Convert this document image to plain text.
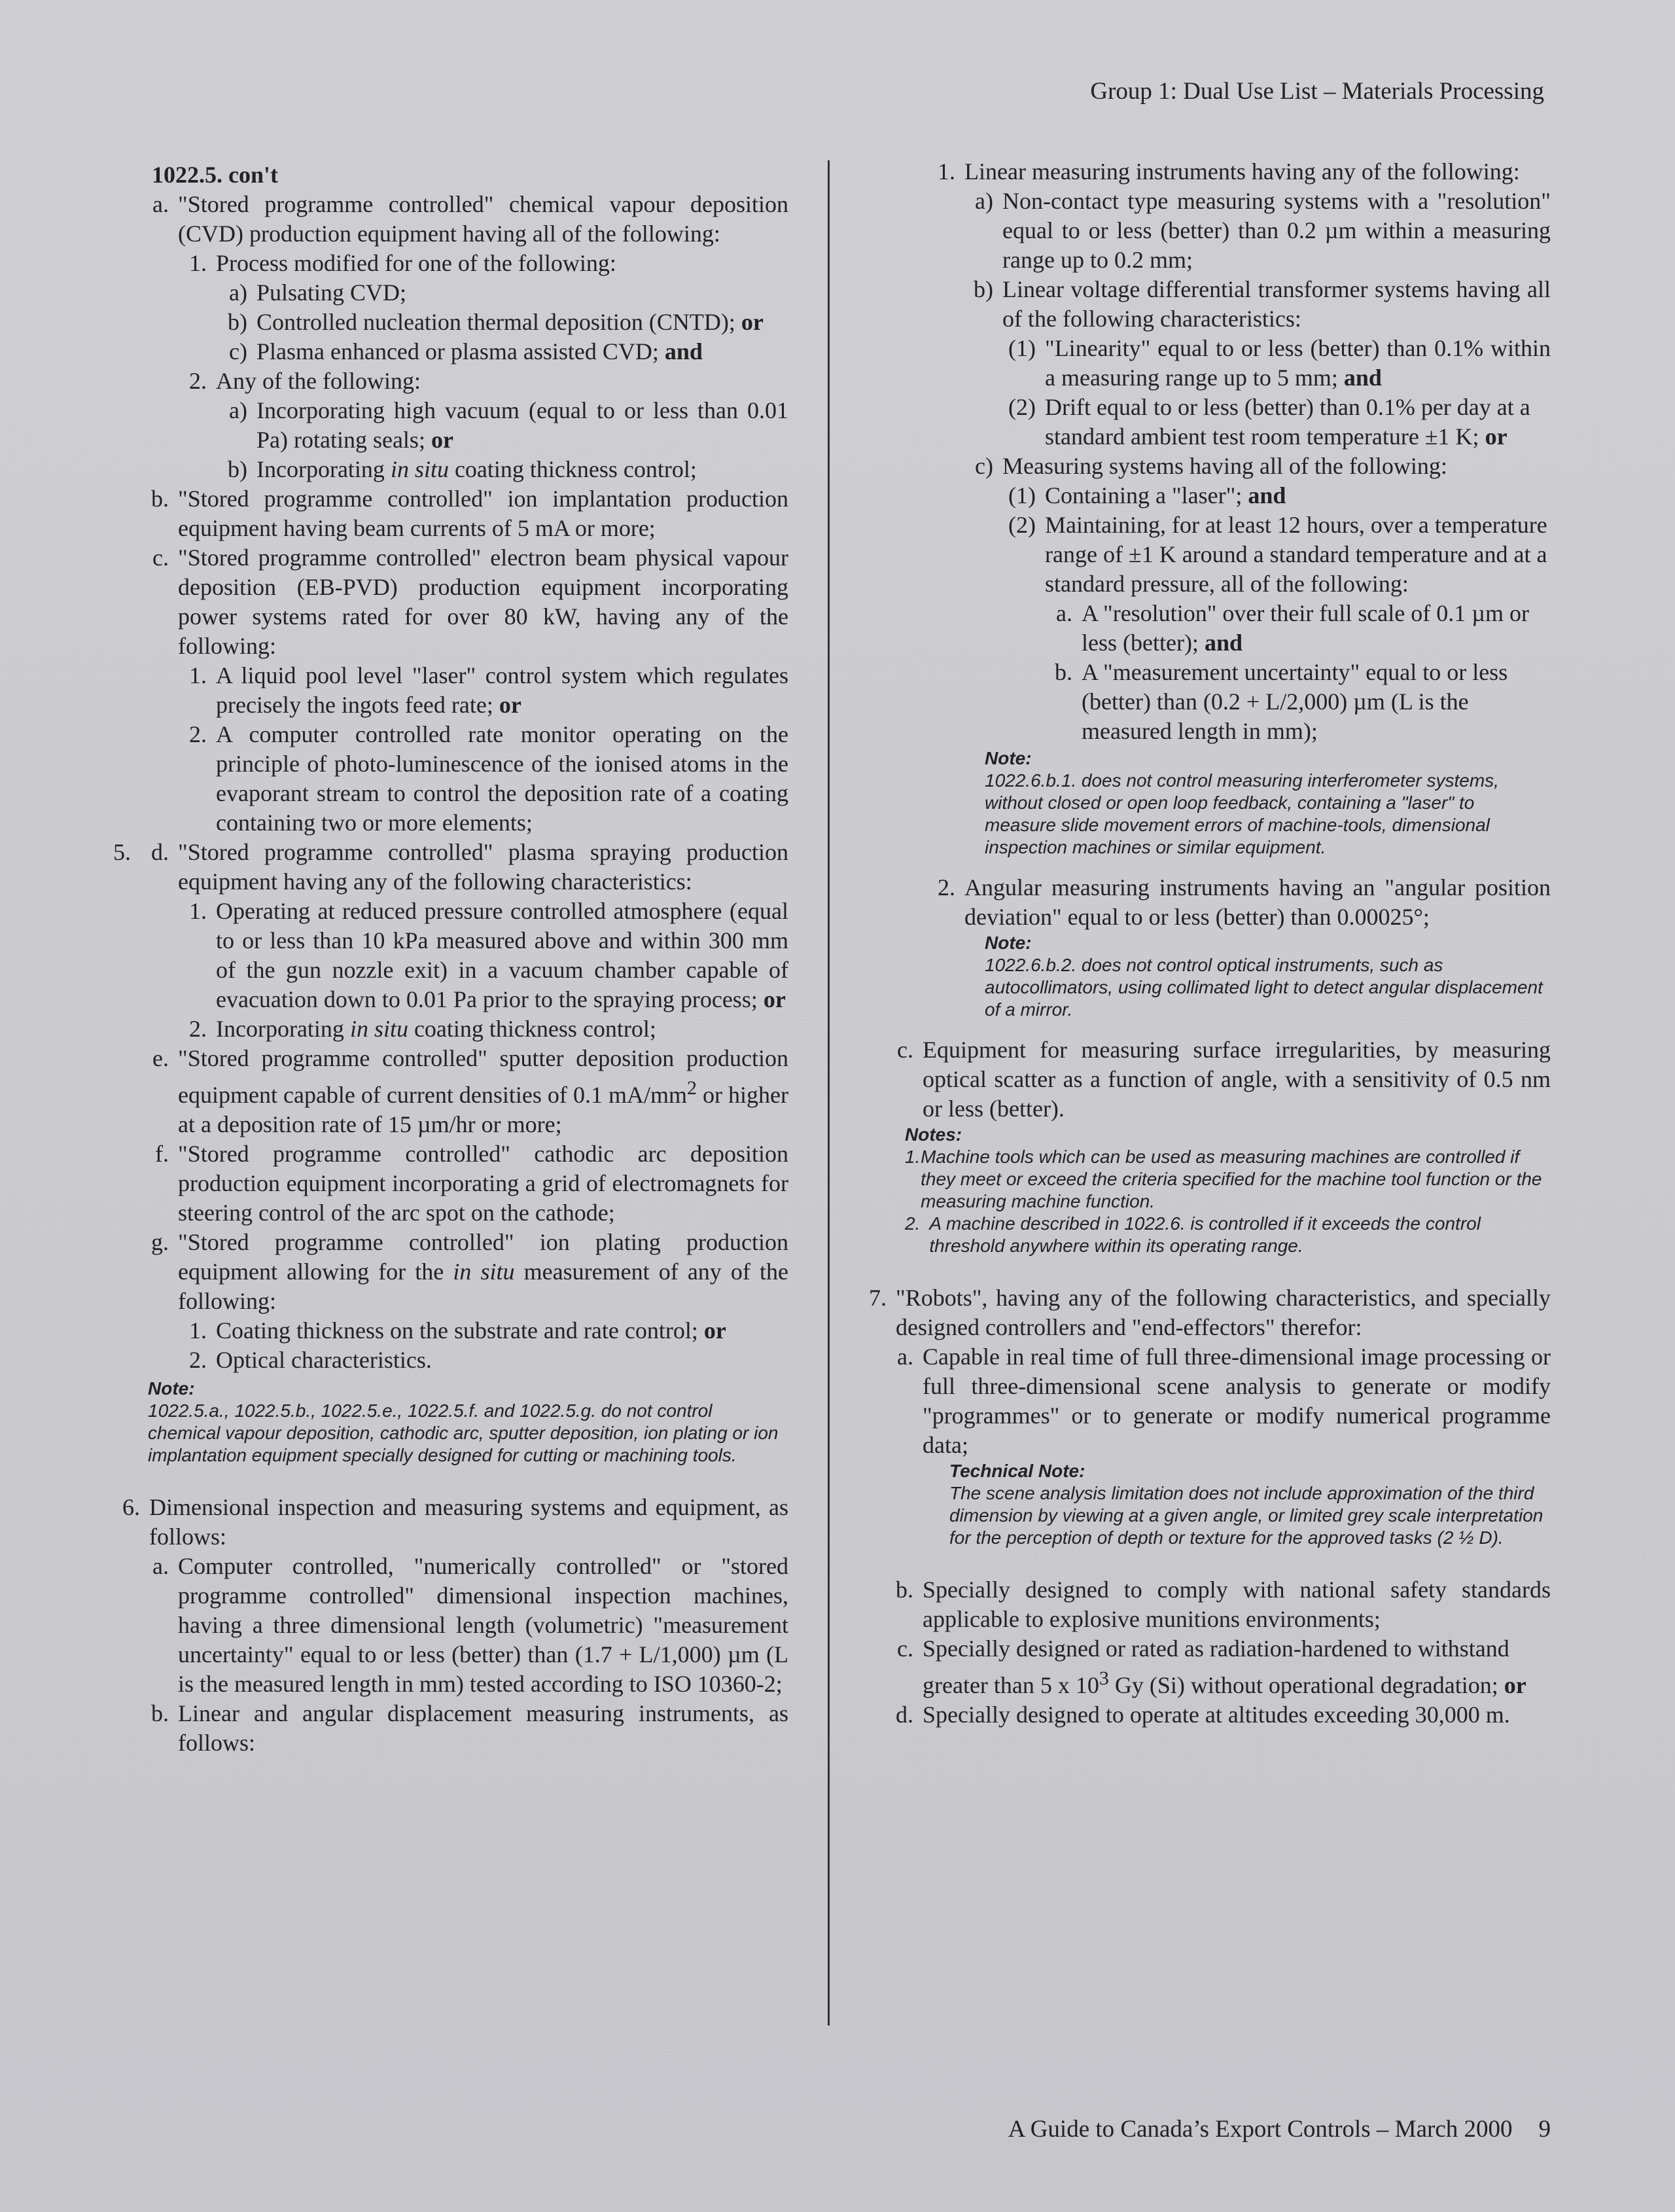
Group 1: Dual Use List – Materials Processing
1022.5. con't
a. "Stored programme controlled" chemical vapour deposition (CVD) production equipment having all of the following:
1. Process modified for one of the following:
a) Pulsating CVD;
b) Controlled nucleation thermal deposition (CNTD); or
c) Plasma enhanced or plasma assisted CVD; and
2. Any of the following:
a) Incorporating high vacuum (equal to or less than 0.01 Pa) rotating seals; or
b) Incorporating in situ coating thickness control;
b. "Stored programme controlled" ion implantation production equipment having beam currents of 5 mA or more;
c. "Stored programme controlled" electron beam physical vapour deposition (EB-PVD) production equipment incorporating power systems rated for over 80 kW, having any of the following:
1. A liquid pool level "laser" control system which regulates precisely the ingots feed rate; or
2. A computer controlled rate monitor operating on the principle of photo-luminescence of the ionised atoms in the evaporant stream to control the deposition rate of a coating containing two or more elements;
5. d. "Stored programme controlled" plasma spraying production equipment having any of the following characteristics:
1. Operating at reduced pressure controlled atmosphere (equal to or less than 10 kPa measured above and within 300 mm of the gun nozzle exit) in a vacuum chamber capable of evacuation down to 0.01 Pa prior to the spraying process; or
2. Incorporating in situ coating thickness control;
e. "Stored programme controlled" sputter deposition production equipment capable of current densities of 0.1 $mA/mm^2$ or higher at a deposition rate of 15 µm/hr or more;
f. "Stored programme controlled" cathodic arc deposition production equipment incorporating a grid of electromagnets for steering control of the arc spot on the cathode;
g. "Stored programme controlled" ion plating production equipment allowing for the in situ measurement of any of the following:
1. Coating thickness on the substrate and rate control; or
2. Optical characteristics.
Note:
1022.5.a., 1022.5.b., 1022.5.e., 1022.5.f. and 1022.5.g. do not control chemical vapour deposition, cathodic arc, sputter deposition, ion plating or ion implantation equipment specially designed for cutting or machining tools.
6. Dimensional inspection and measuring systems and equipment, as follows:
a. Computer controlled, "numerically controlled" or "stored programme controlled" dimensional inspection machines, having a three dimensional length (volumetric) "measurement uncertainty" equal to or less (better) than (1.7 + L/1,000) µm (L is the measured length in mm) tested according to ISO 10360-2;
b. Linear and angular displacement measuring instruments, as follows:
1. Linear measuring instruments having any of the following:
a) Non-contact type measuring systems with a "resolution" equal to or less (better) than 0.2 µm within a measuring range up to 0.2 mm;
b) Linear voltage differential transformer systems having all of the following characteristics:
(1) "Linearity" equal to or less (better) than 0.1% within a measuring range up to 5 mm; and
(2) Drift equal to or less (better) than 0.1% per day at a standard ambient test room temperature ±1 K; or
c) Measuring systems having all of the following:
(1) Containing a "laser"; and
(2) Maintaining, for at least 12 hours, over a temperature range of ±1 K around a standard temperature and at a standard pressure, all of the following:
a. A "resolution" over their full scale of 0.1 µm or less (better); and
b. A "measurement uncertainty" equal to or less (better) than (0.2 + L/2,000) µm (L is the measured length in mm);
Note:
1022.6.b.1. does not control measuring interferometer systems, without closed or open loop feedback, containing a "laser" to measure slide movement errors of machine-tools, dimensional inspection machines or similar equipment.
2. Angular measuring instruments having an "angular position deviation" equal to or less (better) than 0.00025°;
Note:
1022.6.b.2. does not control optical instruments, such as autocollimators, using collimated light to detect angular displacement of a mirror.
c. Equipment for measuring surface irregularities, by measuring optical scatter as a function of angle, with a sensitivity of 0.5 nm or less (better).
Notes:
1. Machine tools which can be used as measuring machines are controlled if they meet or exceed the criteria specified for the machine tool function or the measuring machine function.
2. A machine described in 1022.6. is controlled if it exceeds the control threshold anywhere within its operating range.
7. "Robots", having any of the following characteristics, and specially designed controllers and "end-effectors" therefor:
a. Capable in real time of full three-dimensional image processing or full three-dimensional scene analysis to generate or modify "programmes" or to generate or modify numerical programme data;
Technical Note:
The scene analysis limitation does not include approximation of the third dimension by viewing at a given angle, or limited grey scale interpretation for the perception of depth or texture for the approved tasks (2 ½ D).
b. Specially designed to comply with national safety standards applicable to explosive munitions environments;
c. Specially designed or rated as radiation-hardened to withstand greater than 5 x $10^3$ Gy (Si) without operational degradation; or
d. Specially designed to operate at altitudes exceeding 30,000 m.
A Guide to Canada’s Export Controls – March 2000 9
